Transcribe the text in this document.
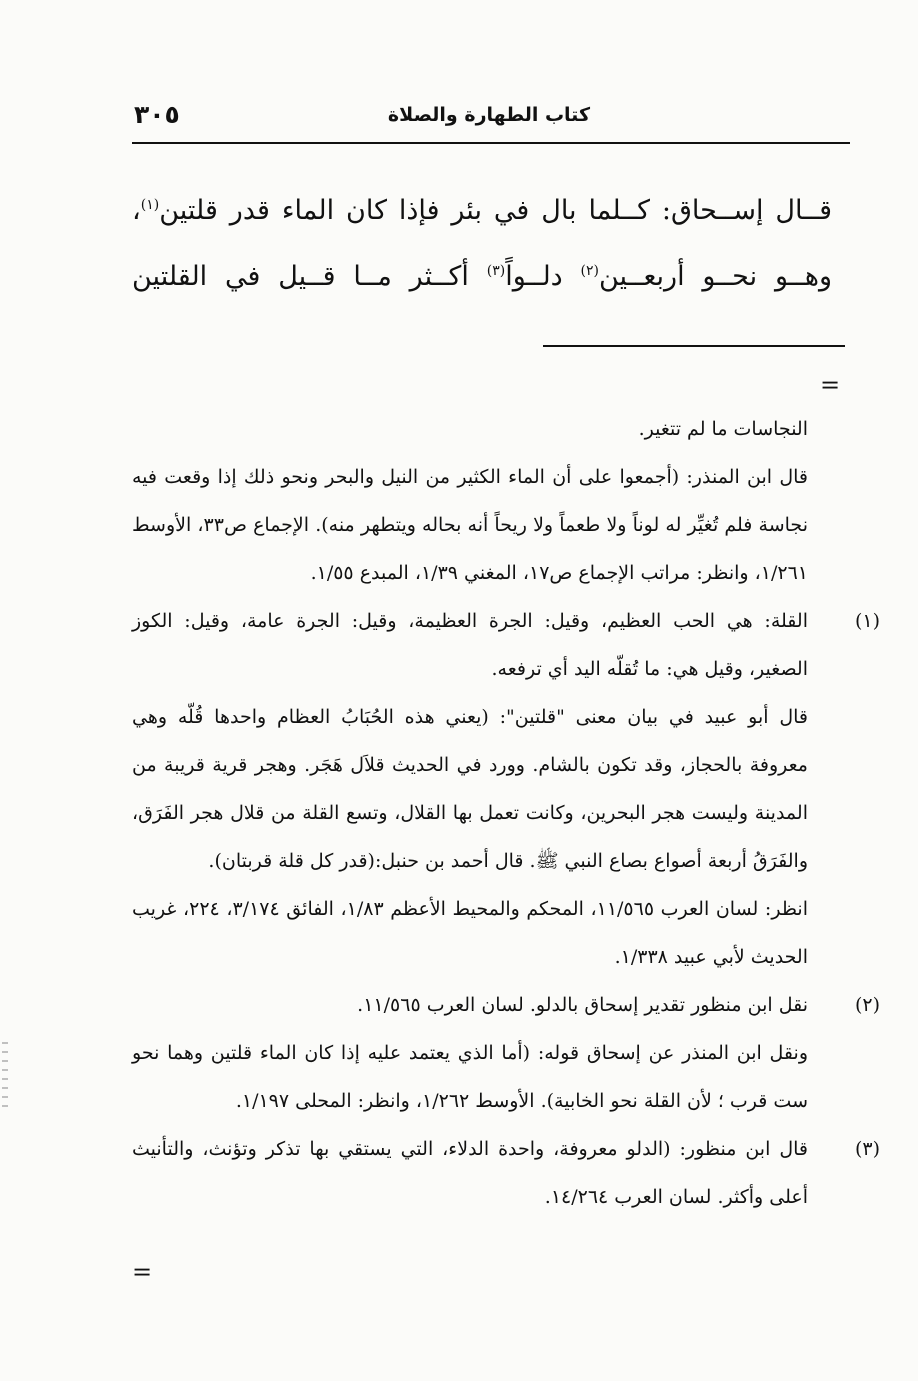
كتاب الطهارة والصلاة
٣٠٥

قــال إســحاق: كــلما بال في بئر فإذا كان الماء قدر قلتين$^{(١)}$،

وهــو نحــو أربعــين$^{(٢)}$ دلــواً$^{(٣)}$ أكــثر مــا قــيل في القلتين

=

النجاسات ما لم تتغير.

قال ابن المنذر: (أجمعوا على أن الماء الكثير من النيل والبحر ونحو ذلك إذا وقعت فيه نجاسة فلم تُغيِّر له لوناً ولا طعماً ولا ريحاً أنه بحاله ويتطهر منه). الإجماع ص٣٣، الأوسط ١/٢٦١، وانظر: مراتب الإجماع ص١٧، المغني ١/٣٩، المبدع ١/٥٥.

(١)القلة: هي الحب العظيم، وقيل: الجرة العظيمة، وقيل: الجرة عامة، وقيل: الكوز الصغير، وقيل هي: ما تُقلّه اليد أي ترفعه.

قال أبو عبيد في بيان معنى "قلتين": (يعني هذه الحُبَابُ العظام واحدها قُلّه وهي معروفة بالحجاز، وقد تكون بالشام. وورد في الحديث قلاَل هَجَر. وهجر قرية قريبة من المدينة وليست هجر البحرين، وكانت تعمل بها القلال، وتسع القلة من قلال هجر الفَرَق، والفَرَقُ أربعة أصواع بصاع النبي ﷺ. قال أحمد بن حنبل:(قدر كل قلة قربتان).

انظر: لسان العرب ١١/٥٦٥، المحكم والمحيط الأعظم ١/٨٣، الفائق ٣/١٧٤، ٢٢٤، غريب الحديث لأبي عبيد ١/٣٣٨.

(٢)نقل ابن منظور تقدير إسحاق بالدلو. لسان العرب ١١/٥٦٥.

ونقل ابن المنذر عن إسحاق قوله: (أما الذي يعتمد عليه إذا كان الماء قلتين وهما نحو ست قرب ؛ لأن القلة نحو الخابية). الأوسط ١/٢٦٢، وانظر: المحلى ١/١٩٧.

(٣)قال ابن منظور: (الدلو معروفة، واحدة الدلاء، التي يستقي بها تذكر وتؤنث، والتأنيث أعلى وأكثر. لسان العرب ١٤/٢٦٤.

=
